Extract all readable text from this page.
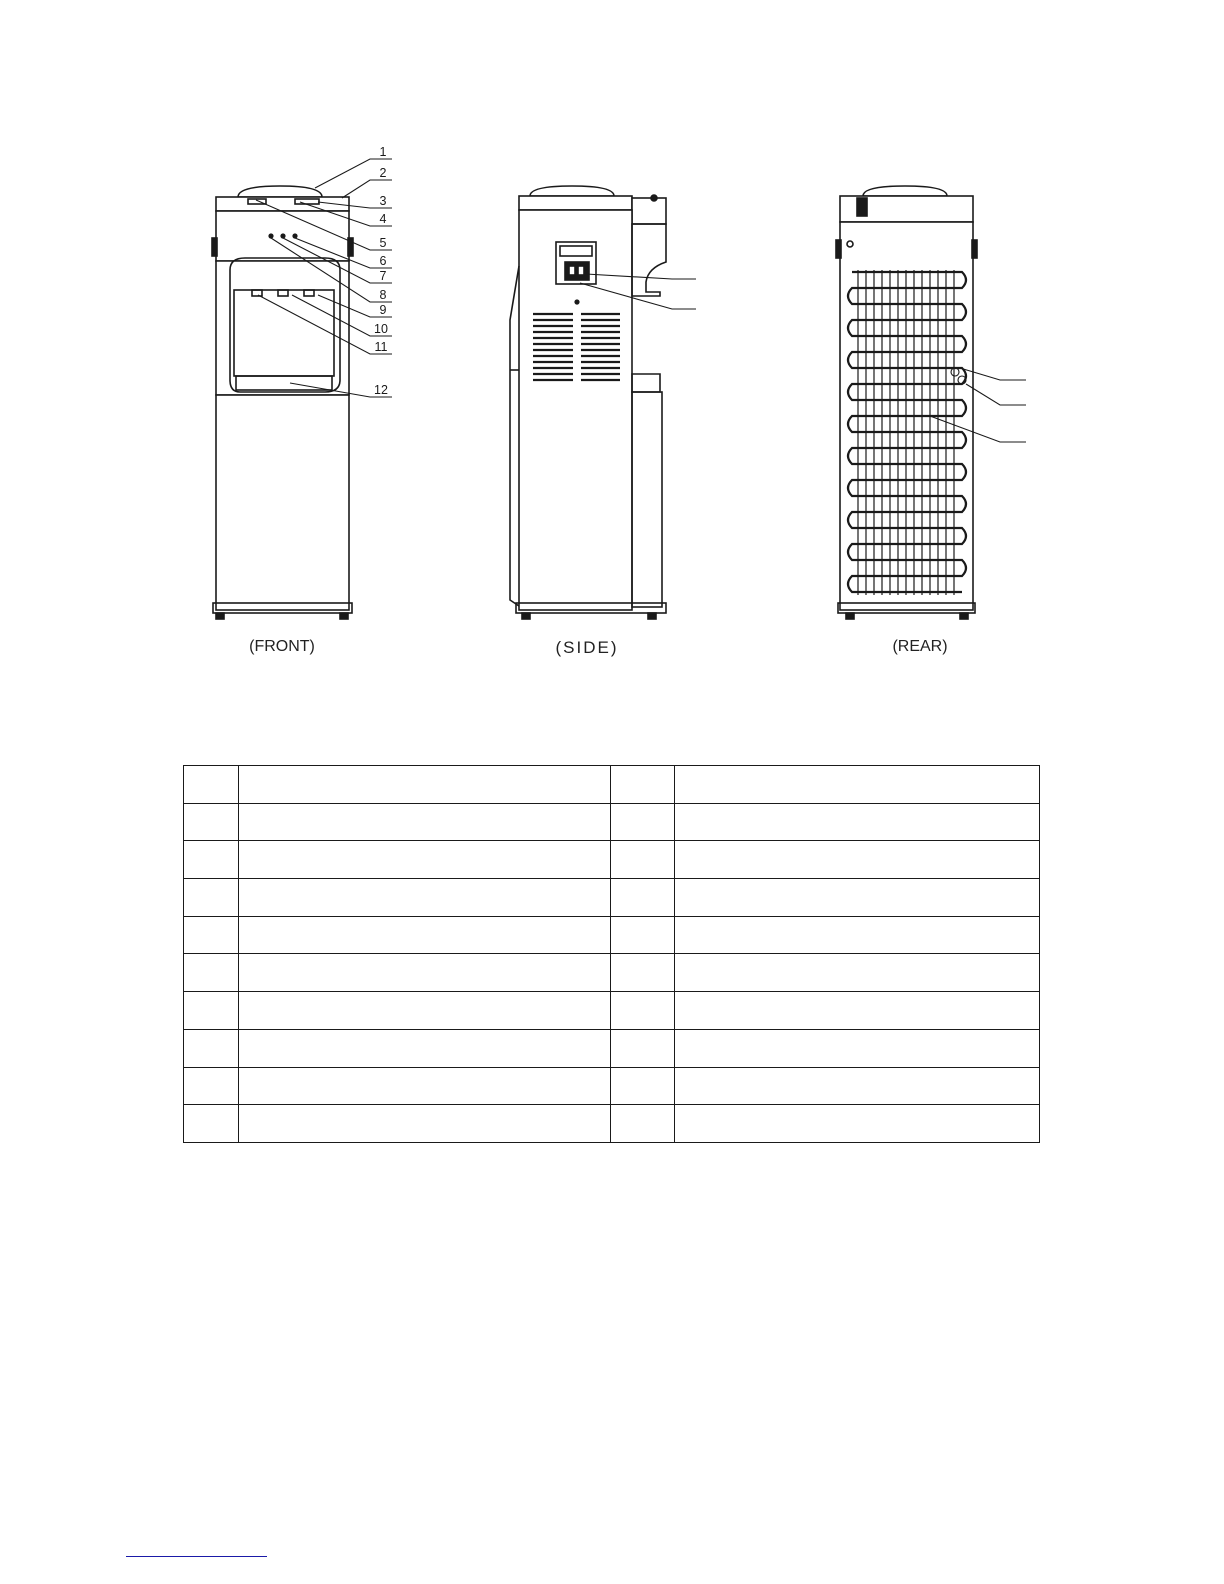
1
2
3
4
5
6
7
8
9
10
11
12
(FRONT)	(SIDE)	(REAR)
